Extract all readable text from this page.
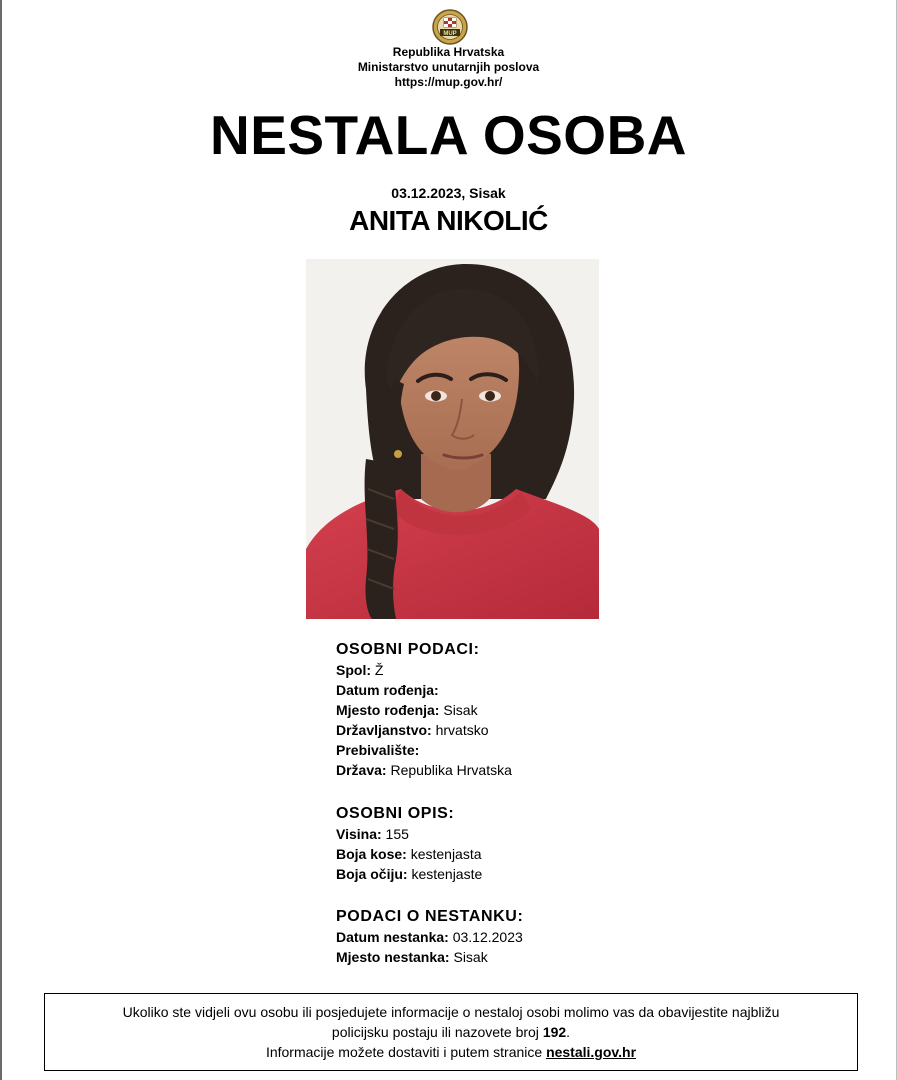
MUP
Republika Hrvatska
Ministarstvo unutarnjih poslova
https://mup.gov.hr/
NESTALA OSOBA
03.12.2023, Sisak
ANITA NIKOLIĆ
OSOBNI PODACI:
Spol: Ž
Datum rođenja:
Mjesto rođenja: Sisak
Državljanstvo: hrvatsko
Prebivalište:
Država: Republika Hrvatska
OSOBNI OPIS:
Visina: 155
Boja kose: kestenjasta
Boja očiju: kestenjaste
PODACI O NESTANKU:
Datum nestanka: 03.12.2023
Mjesto nestanka: Sisak
Ukoliko ste vidjeli ovu osobu ili posjedujete informacije o nestaloj osobi molimo vas da obavijestite najbližu
policijsku postaju ili nazovete broj 192.
Informacije možete dostaviti i putem stranice nestali.gov.hr
